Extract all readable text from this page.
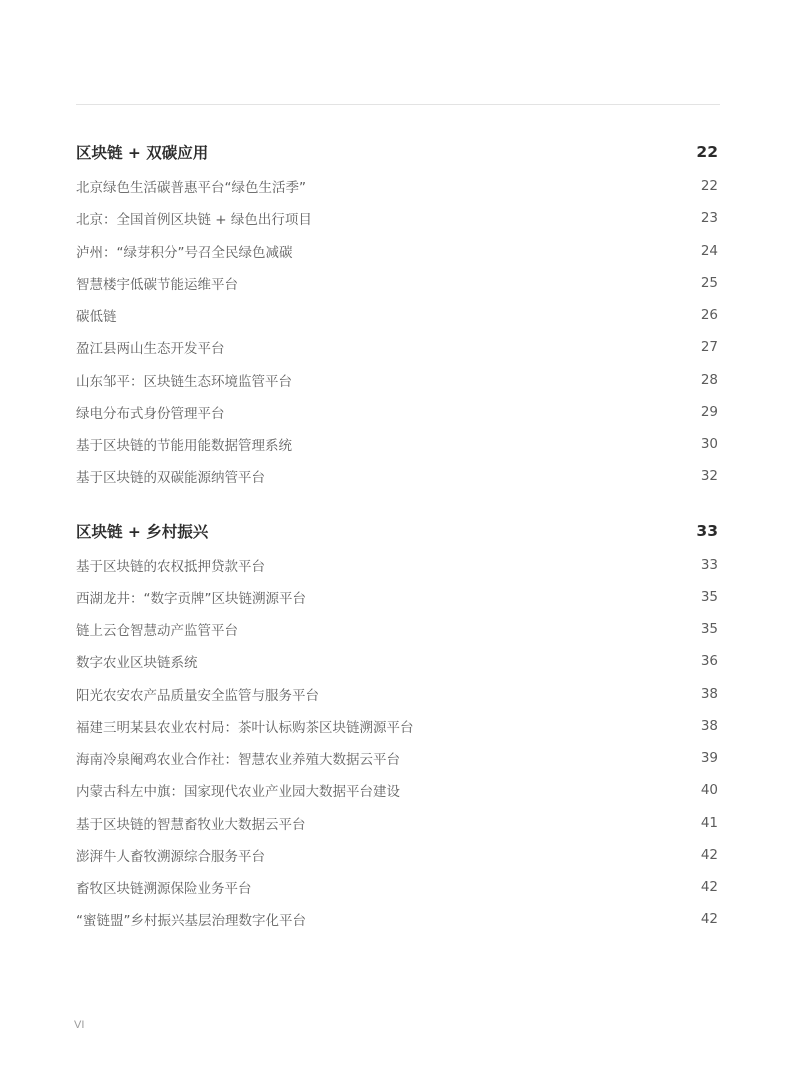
区块链 + 双碳应用	22
北京绿色生活碳普惠平台“绿色生活季”	22
北京：全国首例区块链 + 绿色出行项目	23
泸州：“绿芽积分”号召全民绿色减碳	24
智慧楼宇低碳节能运维平台	25
碳低链	26
盈江县两山生态开发平台	27
山东邹平：区块链生态环境监管平台	28
绿电分布式身份管理平台	29
基于区块链的节能用能数据管理系统	30
基于区块链的双碳能源纳管平台	32
区块链 + 乡村振兴	33
基于区块链的农权抵押贷款平台	33
西湖龙井：“数字贡牌”区块链溯源平台	35
链上云仓智慧动产监管平台	35
数字农业区块链系统	36
阳光农安农产品质量安全监管与服务平台	38
福建三明某县农业农村局：茶叶认标购茶区块链溯源平台	38
海南冷泉阉鸡农业合作社：智慧农业养殖大数据云平台	39
内蒙古科左中旗：国家现代农业产业园大数据平台建设	40
基于区块链的智慧畜牧业大数据云平台	41
澎湃牛人畜牧溯源综合服务平台	42
畜牧区块链溯源保险业务平台	42
“蜜链盟”乡村振兴基层治理数字化平台	42
VI
